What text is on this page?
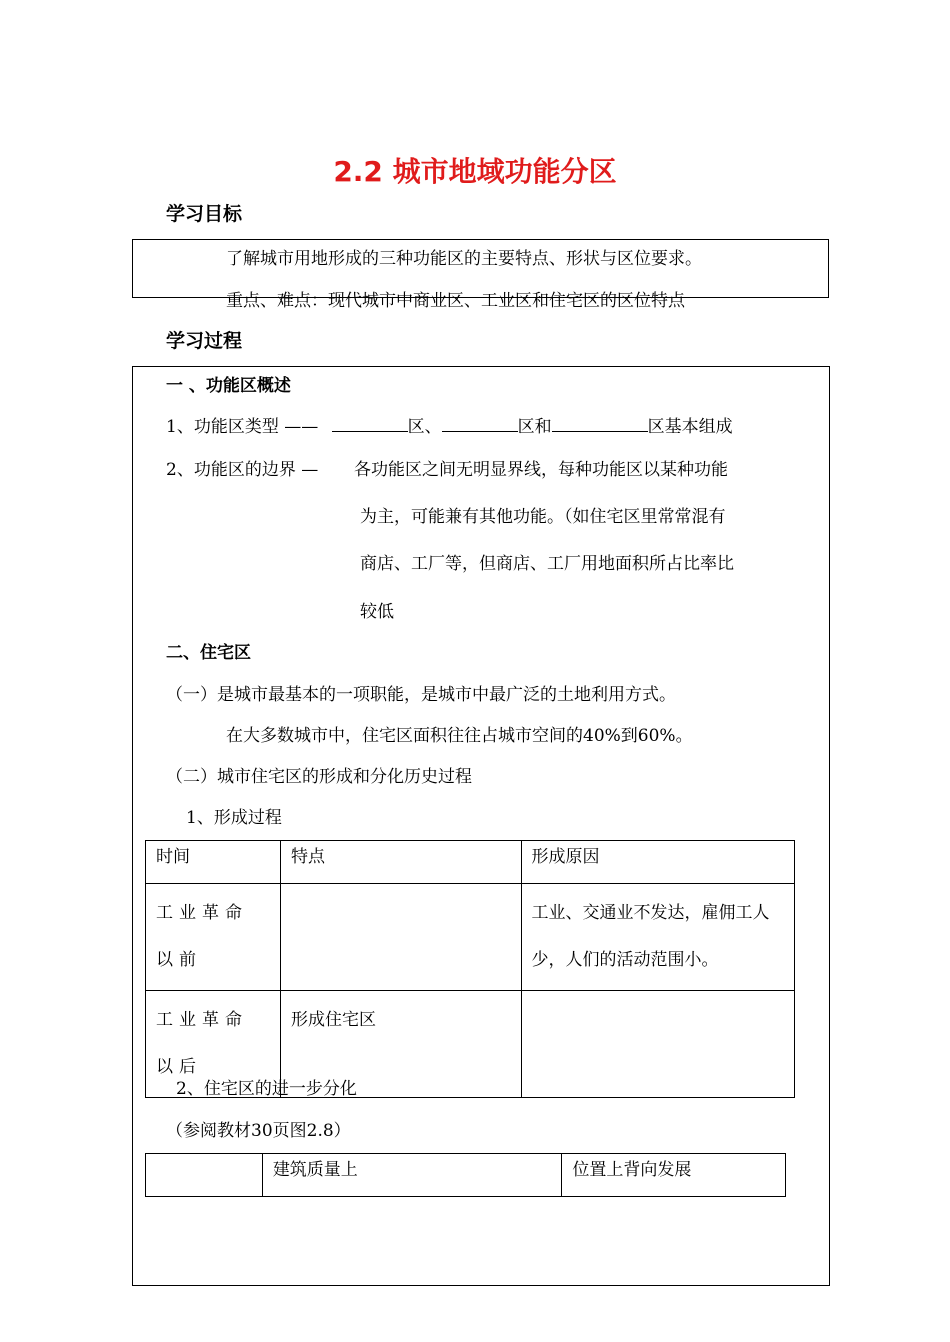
2.2 城市地域功能分区
学习目标
了解城市用地形成的三种功能区的主要特点、形状与区位要求。
重点、难点：现代城市中商业区、工业区和住宅区的区位特点
学习过程
一 、功能区概述
1、功能区类型 ——	区、	区和	区基本组成
2、功能区的边界 — 各功能区之间无明显界线，每种功能区以某种功能
为主，可能兼有其他功能。（如住宅区里常常混有
商店、工厂等，但商店、工厂用地面积所占比率比
较低
二、住宅区
（一）是城市最基本的一项职能，是城市中最广泛的土地利用方式。
在大多数城市中，住宅区面积往往占城市空间的40%到60%。
（二）城市住宅区的形成和分化历史过程
1、形成过程
时间	特点	形成原因

工业革命以前		工业、交通业不发达，雇佣工人少，人们的活动范围小。

工业革命以后	形成住宅区	
2、住宅区的进一步分化
（参阅教材30页图2.8）
	建筑质量上	位置上背向发展
